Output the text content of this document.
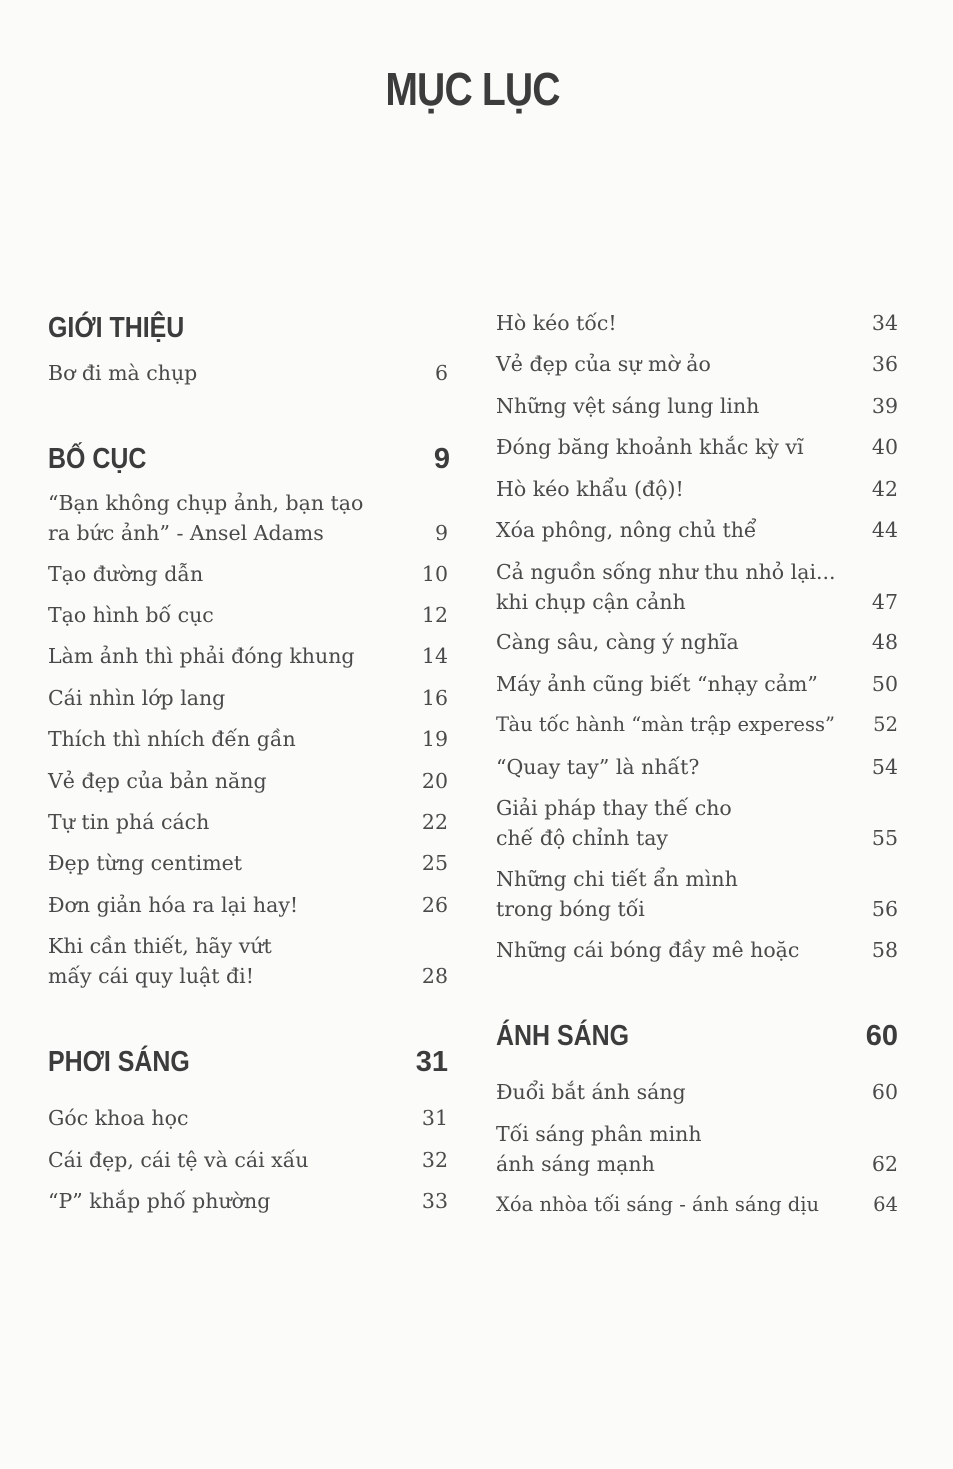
MỤC LỤC
GIỚI THIỆU
Bơ đi mà chụp	6
BỐ CỤC	9
“Bạn không chụp ảnh, bạn tạo
ra bức ảnh” - Ansel Adams	9
Tạo đường dẫn	10
Tạo hình bố cục	12
Làm ảnh thì phải đóng khung	14
Cái nhìn lớp lang	16
Thích thì nhích đến gần	19
Vẻ đẹp của bản năng	20
Tự tin phá cách	22
Đẹp từng centimet	25
Đơn giản hóa ra lại hay!	26
Khi cần thiết, hãy vứt
mấy cái quy luật đi!	28
PHƠI SÁNG	31
Góc khoa học	31
Cái đẹp, cái tệ và cái xấu	32
“P” khắp phố phường	33
Hò kéo tốc!	34
Vẻ đẹp của sự mờ ảo	36
Những vệt sáng lung linh	39
Đóng băng khoảnh khắc kỳ vĩ	40
Hò kéo khẩu (độ)!	42
Xóa phông, nông chủ thể	44
Cả nguồn sống như thu nhỏ lại...
khi chụp cận cảnh	47
Càng sâu, càng ý nghĩa	48
Máy ảnh cũng biết “nhạy cảm”	50
Tàu tốc hành “màn trập experess” 52
“Quay tay” là nhất?	54
Giải pháp thay thế cho
chế độ chỉnh tay	55
Những chi tiết ẩn mình
trong bóng tối	56
Những cái bóng đầy mê hoặc	58
ÁNH SÁNG	60
Đuổi bắt ánh sáng	60
Tối sáng phân minh
ánh sáng mạnh	62
Xóa nhòa tối sáng - ánh sáng dịu	64
